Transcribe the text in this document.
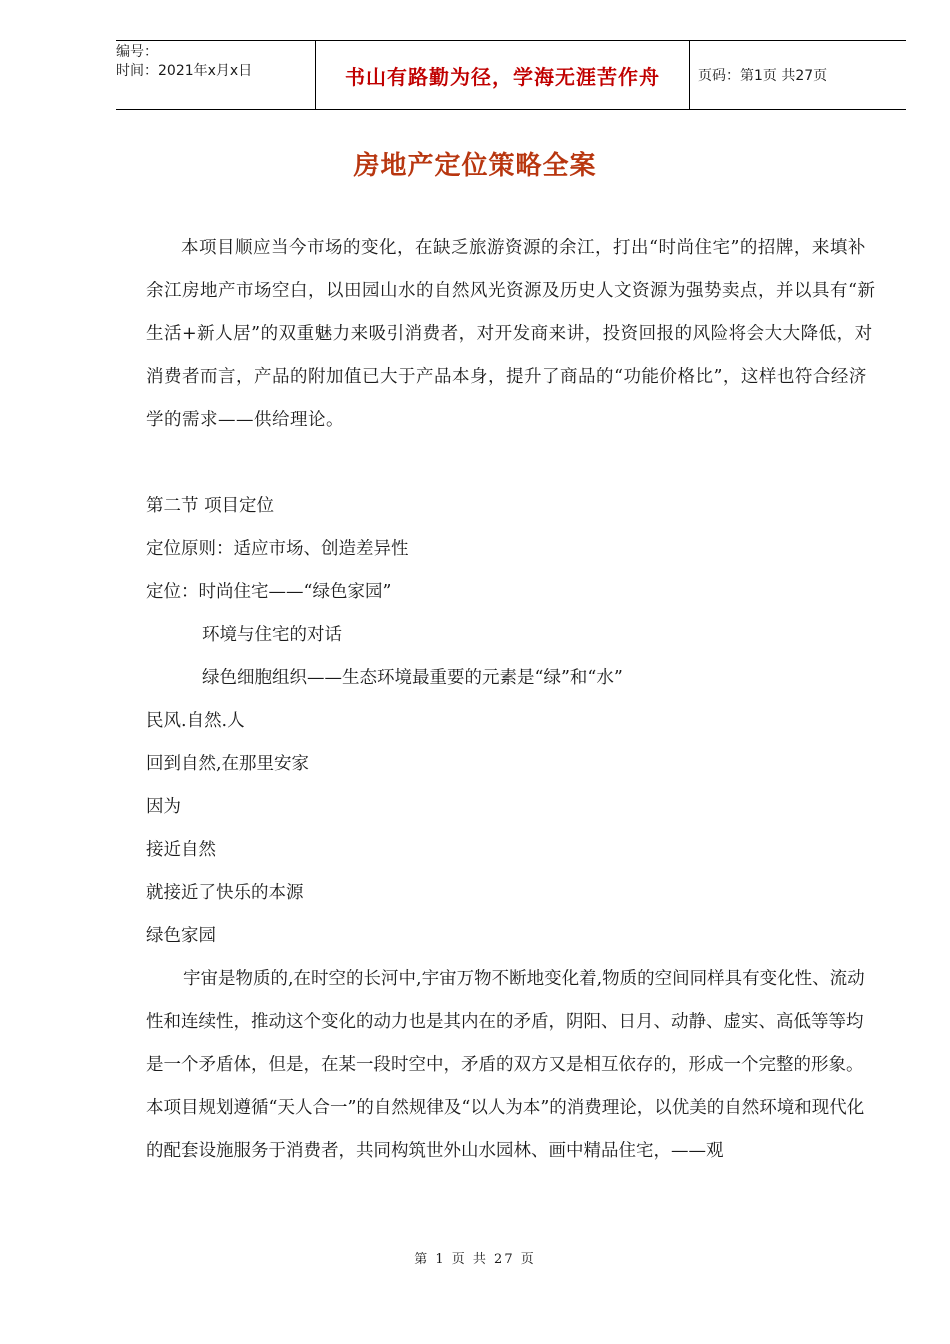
编号：
时间：2021年x月x日	书山有路勤为径，学海无涯苦作舟	页码：第1页 共27页
房地产定位策略全案

本项目顺应当今市场的变化，在缺乏旅游资源的余江，打出“时尚住宅”的招牌，来填补余江房地产市场空白，以田园山水的自然风光资源及历史人文资源为强势卖点，并以具有“新生活+新人居”的双重魅力来吸引消费者，对开发商来讲，投资回报的风险将会大大降低，对消费者而言，产品的附加值已大于产品本身，提升了商品的“功能价格比”，这样也符合经济学的需求——供给理论。

第二节 项目定位
定位原则：适应市场、创造差异性
定位：时尚住宅——“绿色家园”
环境与住宅的对话
绿色细胞组织——生态环境最重要的元素是“绿”和“水”
民风.自然.人
回到自然,在那里安家
因为
接近自然
就接近了快乐的本源
绿色家园

宇宙是物质的,在时空的长河中,宇宙万物不断地变化着,物质的空间同样具有变化性、流动性和连续性，推动这个变化的动力也是其内在的矛盾，阴阳、日月、动静、虚实、高低等等均是一个矛盾体，但是，在某一段时空中，矛盾的双方又是相互依存的，形成一个完整的形象。

本项目规划遵循“天人合一”的自然规律及“以人为本”的消费理论，以优美的自然环境和现代化的配套设施服务于消费者，共同构筑世外山水园林、画中精品住宅，——观

第 1 页 共 27 页
